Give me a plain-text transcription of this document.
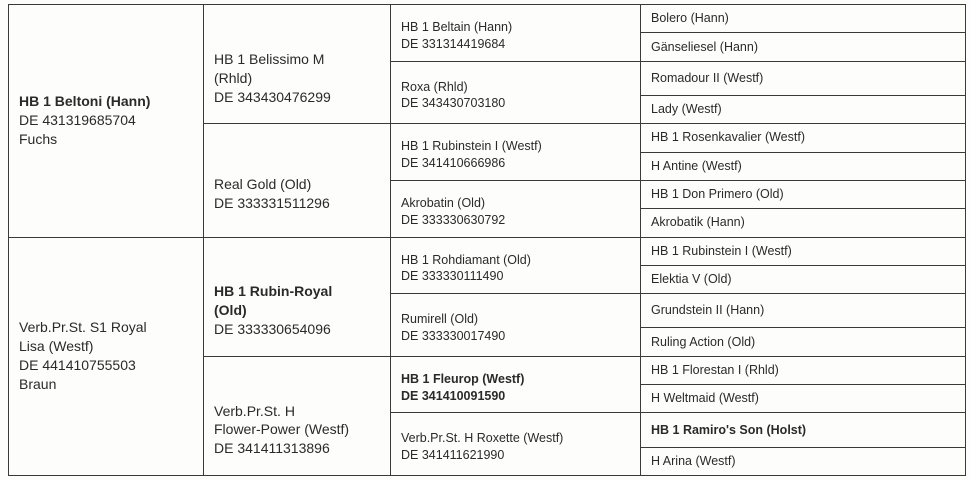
HB 1 Beltoni (Hann)
DE 431319685704
Fuchs	HB 1 Belissimo M
(Rhld)
DE 343430476299	HB 1 Beltain (Hann)
DE 331314419684	Bolero (Hann)
			Gänseliesel (Hann)

		Roxa (Rhld)
DE 343430703180	Romadour II (Westf)
			Lady (Westf)

	Real Gold (Old)
DE 333331511296	HB 1 Rubinstein I (Westf)
DE 341410666986	HB 1 Rosenkavalier (Westf)
			H Antine (Westf)

		Akrobatin (Old)
DE 333330630792	HB 1 Don Primero (Old)
			Akrobatik (Hann)

Verb.Pr.St. S1 Royal
Lisa (Westf)
DE 441410755503
Braun	HB 1 Rubin-Royal
(Old)
DE 333330654096	HB 1 Rohdiamant (Old)
DE 333330111490	HB 1 Rubinstein I (Westf)
			Elektia V (Old)

		Rumirell (Old)
DE 333330017490	Grundstein II (Hann)
			Ruling Action (Old)

	Verb.Pr.St. H
Flower-Power (Westf)
DE 341411313896	HB 1 Fleurop (Westf)
DE 341410091590	HB 1 Florestan I (Rhld)
			H Weltmaid (Westf)

		Verb.Pr.St. H Roxette (Westf)
DE 341411621990	HB 1 Ramiro's Son (Holst)
			H Arina (Westf)
